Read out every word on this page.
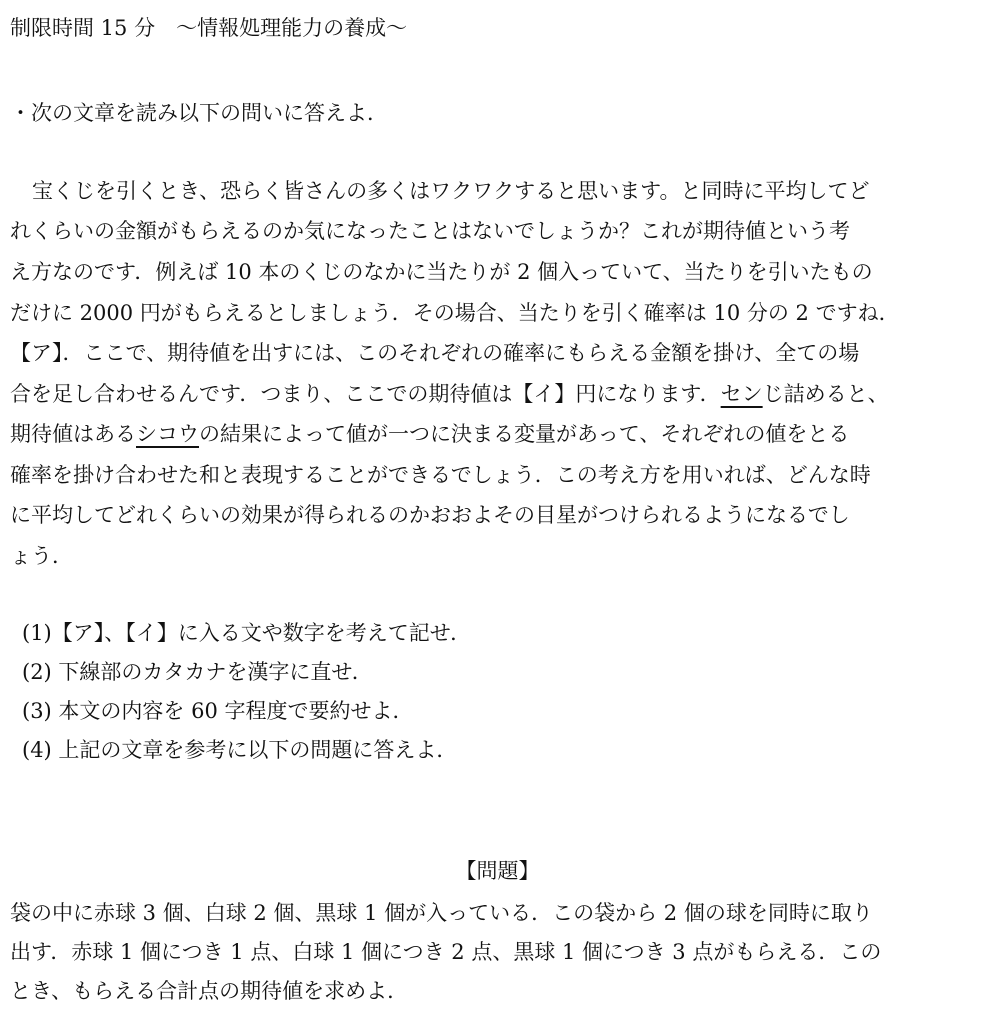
制限時間 15 分　～情報処理能力の養成～
・次の文章を読み以下の問いに答えよ．
宝くじを引くとき、恐らく皆さんの多くはワクワクすると思います。と同時に平均してど
れくらいの金額がもらえるのか気になったことはないでしょうか？これが期待値という考
え方なのです．例えば 10 本のくじのなかに当たりが 2 個入っていて、当たりを引いたもの
だけに 2000 円がもらえるとしましょう．その場合、当たりを引く確率は 10 分の 2 ですね．
【ア】．ここで、期待値を出すには、このそれぞれの確率にもらえる金額を掛け、全ての場
合を足し合わせるんです．つまり、ここでの期待値は【イ】円になります．センじ詰めると、
期待値はあるシコウの結果によって値が一つに決まる変量があって、それぞれの値をとる
確率を掛け合わせた和と表現することができるでしょう．この考え方を用いれば、どんな時
に平均してどれくらいの効果が得られるのかおおよその目星がつけられるようになるでし
ょう．
(1)【ア】、【イ】に入る文や数字を考えて記せ．
(2) 下線部のカタカナを漢字に直せ．
(3) 本文の内容を 60 字程度で要約せよ．
(4) 上記の文章を参考に以下の問題に答えよ．
【問題】
袋の中に赤球 3 個、白球 2 個、黒球 1 個が入っている．この袋から 2 個の球を同時に取り
出す．赤球 1 個につき 1 点、白球 1 個につき 2 点、黒球 1 個につき 3 点がもらえる．この
とき、もらえる合計点の期待値を求めよ．
